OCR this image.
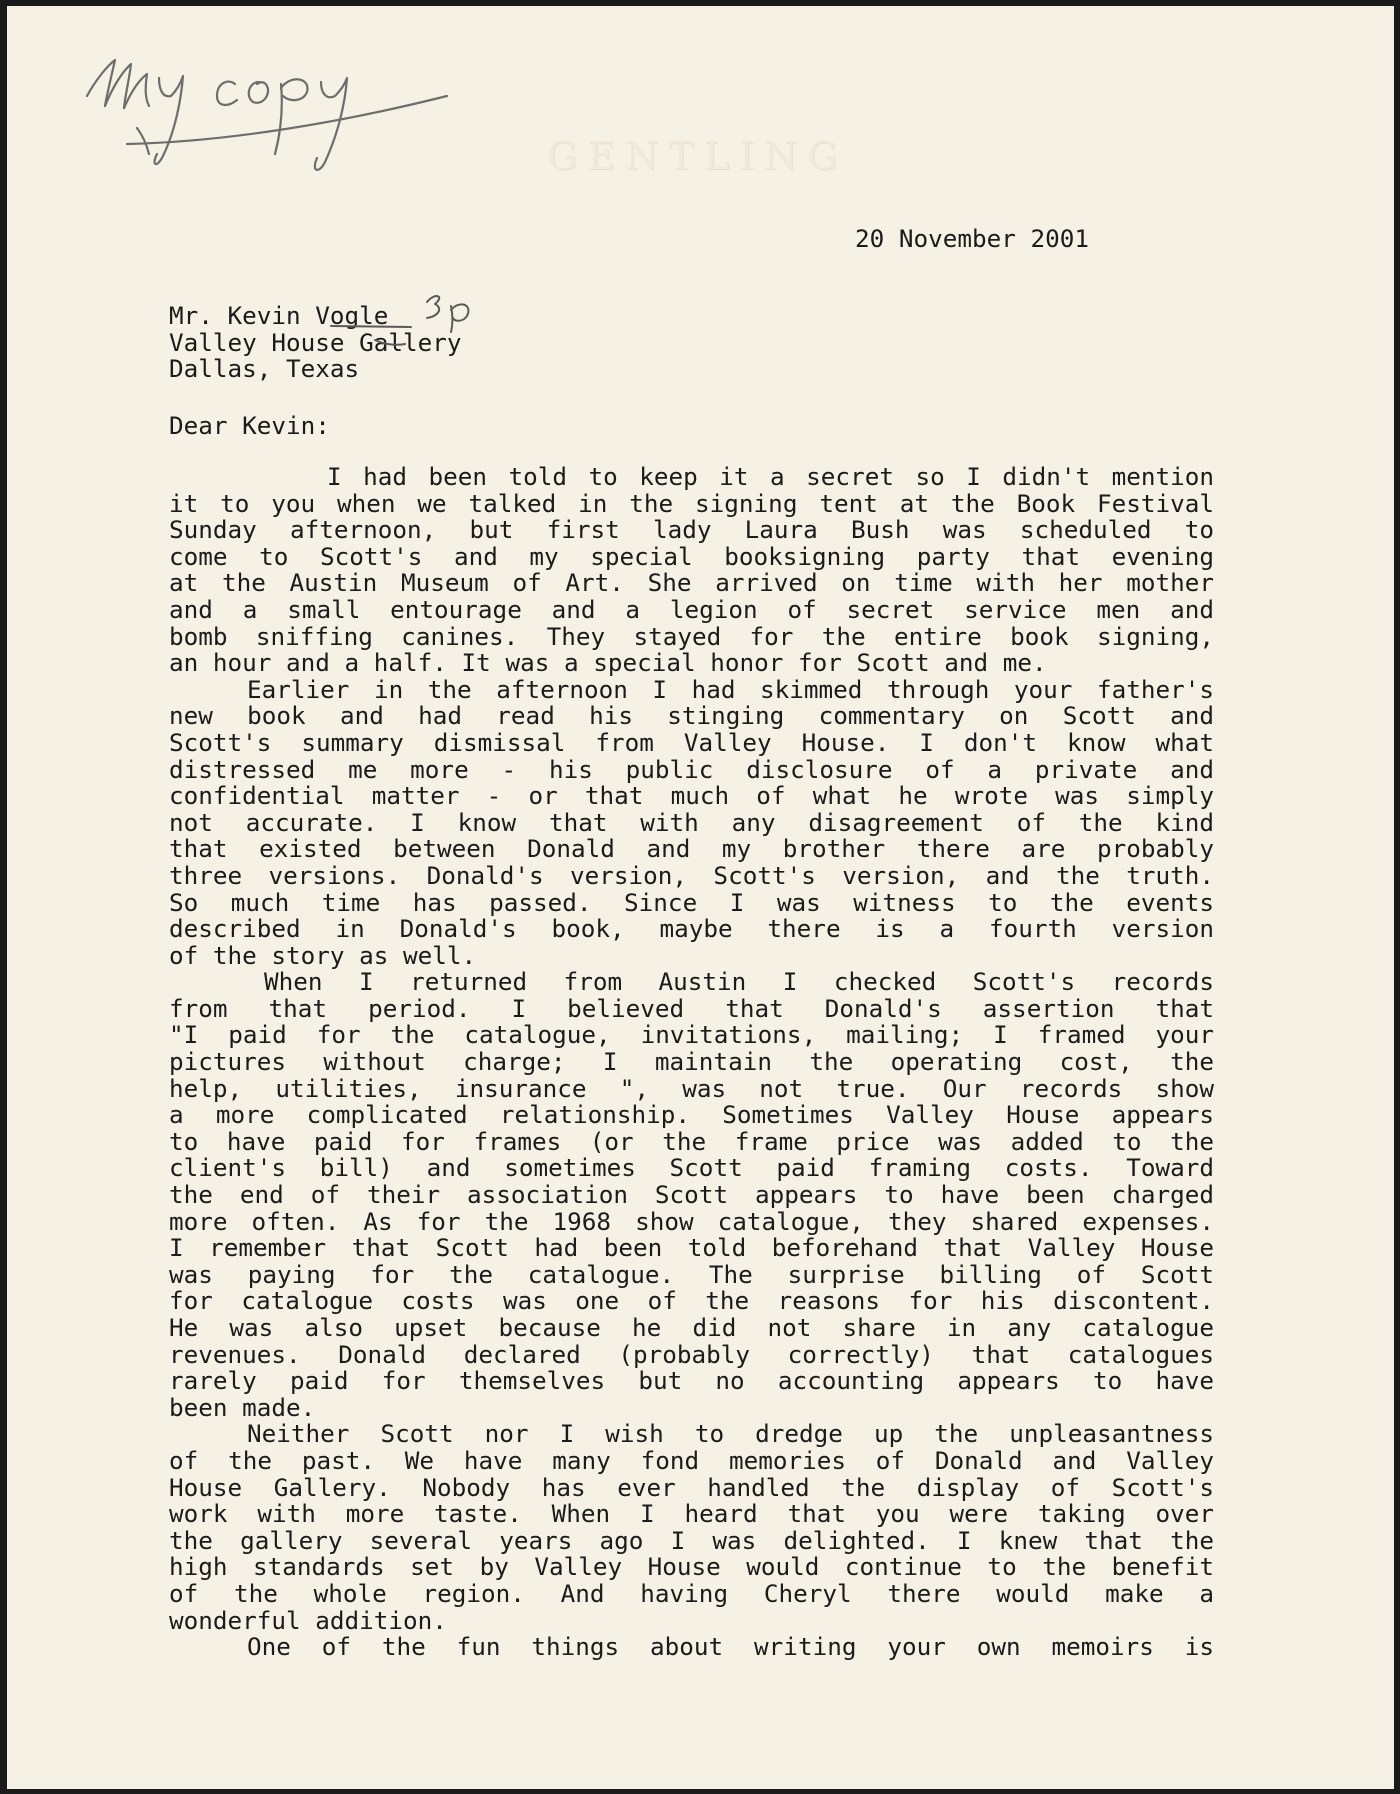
GENTLING
20 November 2001
Mr. Kevin Vogle
Valley House Gallery
Dallas, Texas
Dear Kevin:
I had been told to keep it a secret so I didn't mention
it to you when we talked in the signing tent at the Book Festival
Sunday afternoon, but first lady Laura Bush was scheduled to
come to Scott's and my special booksigning party that evening
at the Austin Museum of Art. She arrived on time with her mother
and a small entourage and a legion of secret service men and
bomb sniffing canines. They stayed for the entire book signing,
an hour and a half. It was a special honor for Scott and me.
Earlier in the afternoon I had skimmed through your father's
new book and had read his stinging commentary on Scott and
Scott's summary dismissal from Valley House. I don't know what
distressed me more - his public disclosure of a private and
confidential matter - or that much of what he wrote was simply
not accurate. I know that with any disagreement of the kind
that existed between Donald and my brother there are probably
three versions. Donald's version, Scott's version, and the truth.
So much time has passed. Since I was witness to the events
described in Donald's book, maybe there is a fourth version
of the story as well.
When I returned from Austin I checked Scott's records
from that period. I believed that Donald's assertion that
"I paid for the catalogue, invitations, mailing; I framed your
pictures without charge; I maintain the operating cost, the
help, utilities, insurance ", was not true. Our records show
a more complicated relationship. Sometimes Valley House appears
to have paid for frames (or the frame price was added to the
client's bill) and sometimes Scott paid framing costs. Toward
the end of their association Scott appears to have been charged
more often. As for the 1968 show catalogue, they shared expenses.
I remember that Scott had been told beforehand that Valley House
was paying for the catalogue. The surprise billing of Scott
for catalogue costs was one of the reasons for his discontent.
He was also upset because he did not share in any catalogue
revenues. Donald declared (probably correctly) that catalogues
rarely paid for themselves but no accounting appears to have
been made.
Neither Scott nor I wish to dredge up the unpleasantness
of the past. We have many fond memories of Donald and Valley
House Gallery. Nobody has ever handled the display of Scott's
work with more taste. When I heard that you were taking over
the gallery several years ago I was delighted. I knew that the
high standards set by Valley House would continue to the benefit
of the whole region. And having Cheryl there would make a
wonderful addition.
One of the fun things about writing your own memoirs is
